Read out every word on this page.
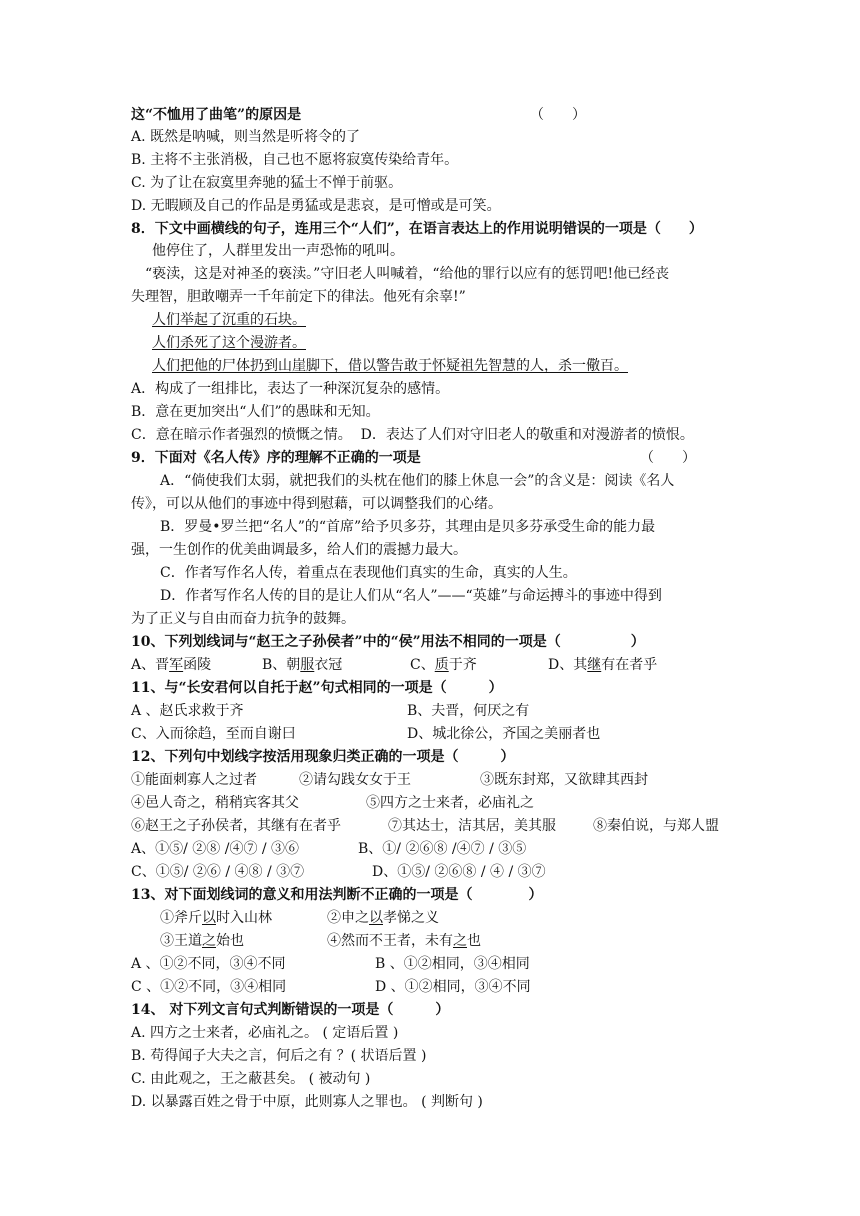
这“不恤用了曲笔”的原因是	（　　）
A. 既然是呐喊，则当然是听将令的了
B. 主将不主张消极，自己也不愿将寂寞传染给青年。
C. 为了让在寂寞里奔驰的猛士不惮于前驱。
D. 无暇顾及自己的作品是勇猛或是悲哀，是可憎或是可笑。
8．下文中画横线的句子，连用三个“人们”，在语言表达上的作用说明错误的一项是（　　）
他停住了，人群里发出一声恐怖的吼叫。
“亵渎，这是对神圣的亵渎。”守旧老人叫喊着，“给他的罪行以应有的惩罚吧!他已经丧
失理智，胆敢嘲弄一千年前定下的律法。他死有余辜!”
人们举起了沉重的石块。
人们杀死了这个漫游者。
人们把他的尸体扔到山崖脚下，借以警告敢于怀疑祖先智慧的人，杀一儆百。
A．构成了一组排比，表达了一种深沉复杂的感情。
B．意在更加突出“人们”的愚昧和无知。
C．意在暗示作者强烈的愤慨之情。  D．表达了人们对守旧老人的敬重和对漫游者的愤恨。
9．下面对《名人传》序的理解不正确的一项是	（　　）
A．“倘使我们太弱，就把我们的头枕在他们的膝上休息一会”的含义是：阅读《名人
传》，可以从他们的事迹中得到慰藉，可以调整我们的心绪。
B．罗曼•罗兰把“名人”的“首席”给予贝多芬，其理由是贝多芬承受生命的能力最
强，一生创作的优美曲调最多，给人们的震撼力最大。
C．作者写作名人传，着重点在表现他们真实的生命，真实的人生。
D．作者写作名人传的目的是让人们从“名人”——“英雄”与命运搏斗的事迹中得到
为了正义与自由而奋力抗争的鼓舞。
10、下列划线词与“赵王之子孙侯者”中的“侯”用法不相同的一项是（　　　　　）
A、晋军函陵	B、朝服衣冠	C、质于齐	D、其继有在者乎
11、与“长安君何以自托于赵”句式相同的一项是（　　　）
A 、赵氏求救于齐	B、夫晋，何厌之有
C、入而徐趋，至而自谢曰	D、城北徐公，齐国之美丽者也
12、下列句中划线字按活用现象归类正确的一项是（　　　）
①能面刺寡人之过者	②请勾践女女于王	③既东封郑，又欲肆其西封
④邑人奇之，稍稍宾客其父	⑤四方之士来者，必庙礼之
⑥赵王之子孙侯者，其继有在者乎	⑦其达士，洁其居，美其服	⑧秦伯说，与郑人盟
A、①⑤/ ②⑧ /④⑦ / ③⑥	B、①/ ②⑥⑧ /④⑦ / ③⑤
C、①⑤/ ②⑥ / ④⑧ / ③⑦	D、①⑤/ ②⑥⑧ / ④ / ③⑦
13、对下面划线词的意义和用法判断不正确的一项是（　　　　）
①斧斤以时入山林	②申之以孝悌之义
③王道之始也	④然而不王者，未有之也
A 、①②不同，③④不同	B 、①②相同，③④相同
C 、①②不同，③④相同	D 、①②相同，③④不同
14、 对下列文言句式判断错误的一项是（　　　）
A. 四方之士来者，必庙礼之。 ( 定语后置 )
B. 苟得闻子大夫之言，何后之有 ？( 状语后置 )
C. 由此观之，王之蔽甚矣。 ( 被动句 )
D. 以暴露百姓之骨于中原，此则寡人之罪也。 ( 判断句 )
